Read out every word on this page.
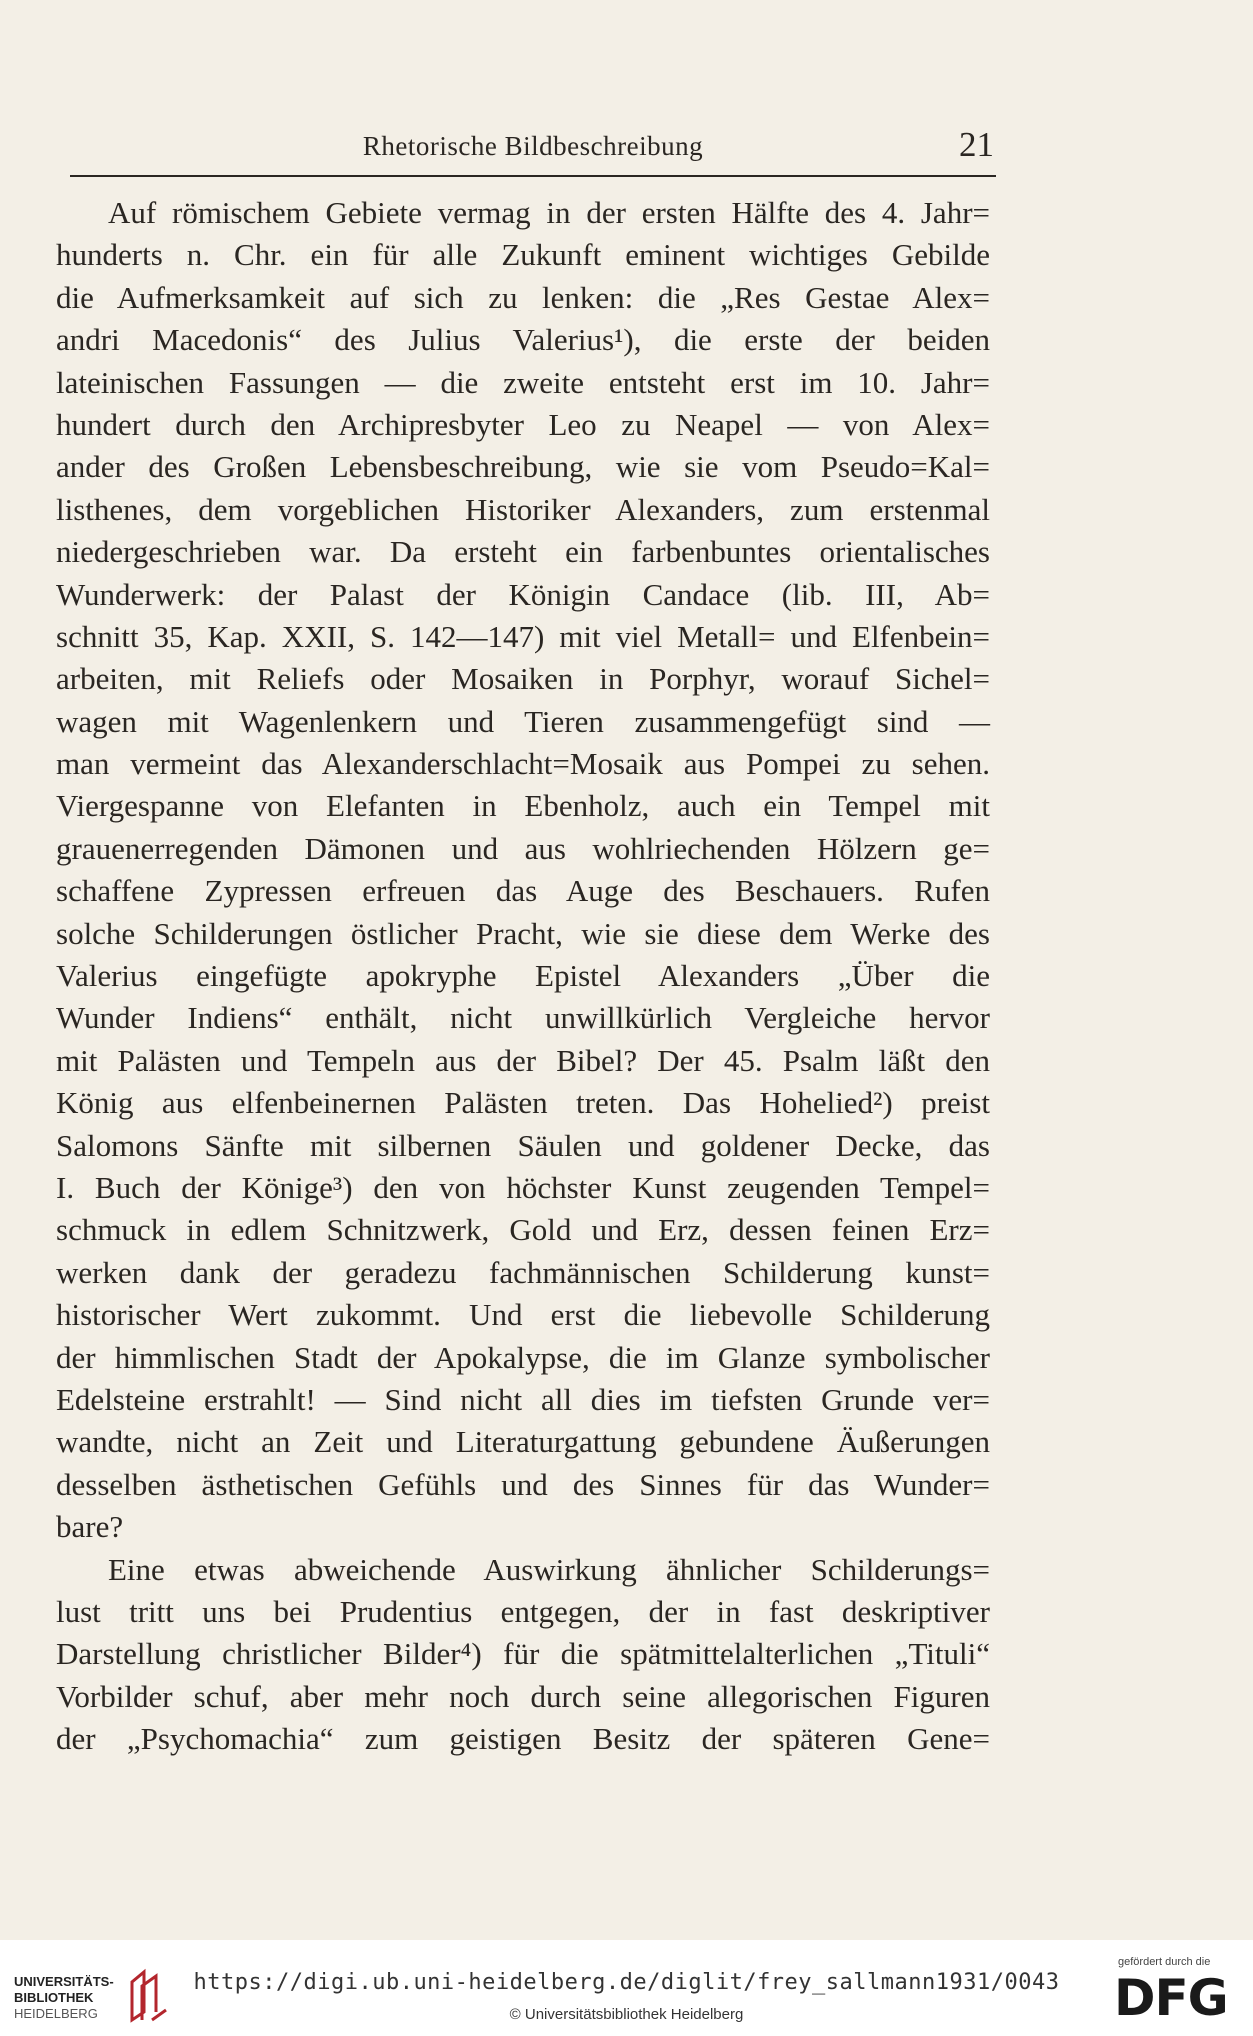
Rhetorische Bildbeschreibung	21
Auf römischem Gebiete vermag in der ersten Hälfte des 4. Jahr=
hunderts n. Chr. ein für alle Zukunft eminent wichtiges Gebilde
die Aufmerksamkeit auf sich zu lenken: die „Res Gestae Alex=
andri Macedonis“ des Julius Valerius¹), die erste der beiden
lateinischen Fassungen — die zweite entsteht erst im 10. Jahr=
hundert durch den Archipresbyter Leo zu Neapel — von Alex=
ander des Großen Lebensbeschreibung, wie sie vom Pseudo=Kal=
listhenes, dem vorgeblichen Historiker Alexanders, zum erstenmal
niedergeschrieben war. Da ersteht ein farbenbuntes orientalisches
Wunderwerk: der Palast der Königin Candace (lib. III, Ab=
schnitt 35, Kap. XXII, S. 142—147) mit viel Metall= und Elfenbein=
arbeiten, mit Reliefs oder Mosaiken in Porphyr, worauf Sichel=
wagen mit Wagenlenkern und Tieren zusammengefügt sind —
man vermeint das Alexanderschlacht=Mosaik aus Pompei zu sehen.
Viergespanne von Elefanten in Ebenholz, auch ein Tempel mit
grauenerregenden Dämonen und aus wohlriechenden Hölzern ge=
schaffene Zypressen erfreuen das Auge des Beschauers. Rufen
solche Schilderungen östlicher Pracht, wie sie diese dem Werke des
Valerius eingefügte apokryphe Epistel Alexanders „Über die
Wunder Indiens“ enthält, nicht unwillkürlich Vergleiche hervor
mit Palästen und Tempeln aus der Bibel? Der 45. Psalm läßt den
König aus elfenbeinernen Palästen treten. Das Hohelied²) preist
Salomons Sänfte mit silbernen Säulen und goldener Decke, das
I. Buch der Könige³) den von höchster Kunst zeugenden Tempel=
schmuck in edlem Schnitzwerk, Gold und Erz, dessen feinen Erz=
werken dank der geradezu fachmännischen Schilderung kunst=
historischer Wert zukommt. Und erst die liebevolle Schilderung
der himmlischen Stadt der Apokalypse, die im Glanze symbolischer
Edelsteine erstrahlt! — Sind nicht all dies im tiefsten Grunde ver=
wandte, nicht an Zeit und Literaturgattung gebundene Äußerungen
desselben ästhetischen Gefühls und des Sinnes für das Wunder=
bare?
Eine etwas abweichende Auswirkung ähnlicher Schilderungs=
lust tritt uns bei Prudentius entgegen, der in fast deskriptiver
Darstellung christlicher Bilder⁴) für die spätmittelalterlichen „Tituli“
Vorbilder schuf, aber mehr noch durch seine allegorischen Figuren
der „Psychomachia“ zum geistigen Besitz der späteren Gene=
UNIVERSITÄTS-
BIBLIOTHEK
HEIDELBERG
https://digi.ub.uni-heidelberg.de/diglit/frey_sallmann1931/0043
© Universitätsbibliothek Heidelberg
gefördert durch die
DFG
